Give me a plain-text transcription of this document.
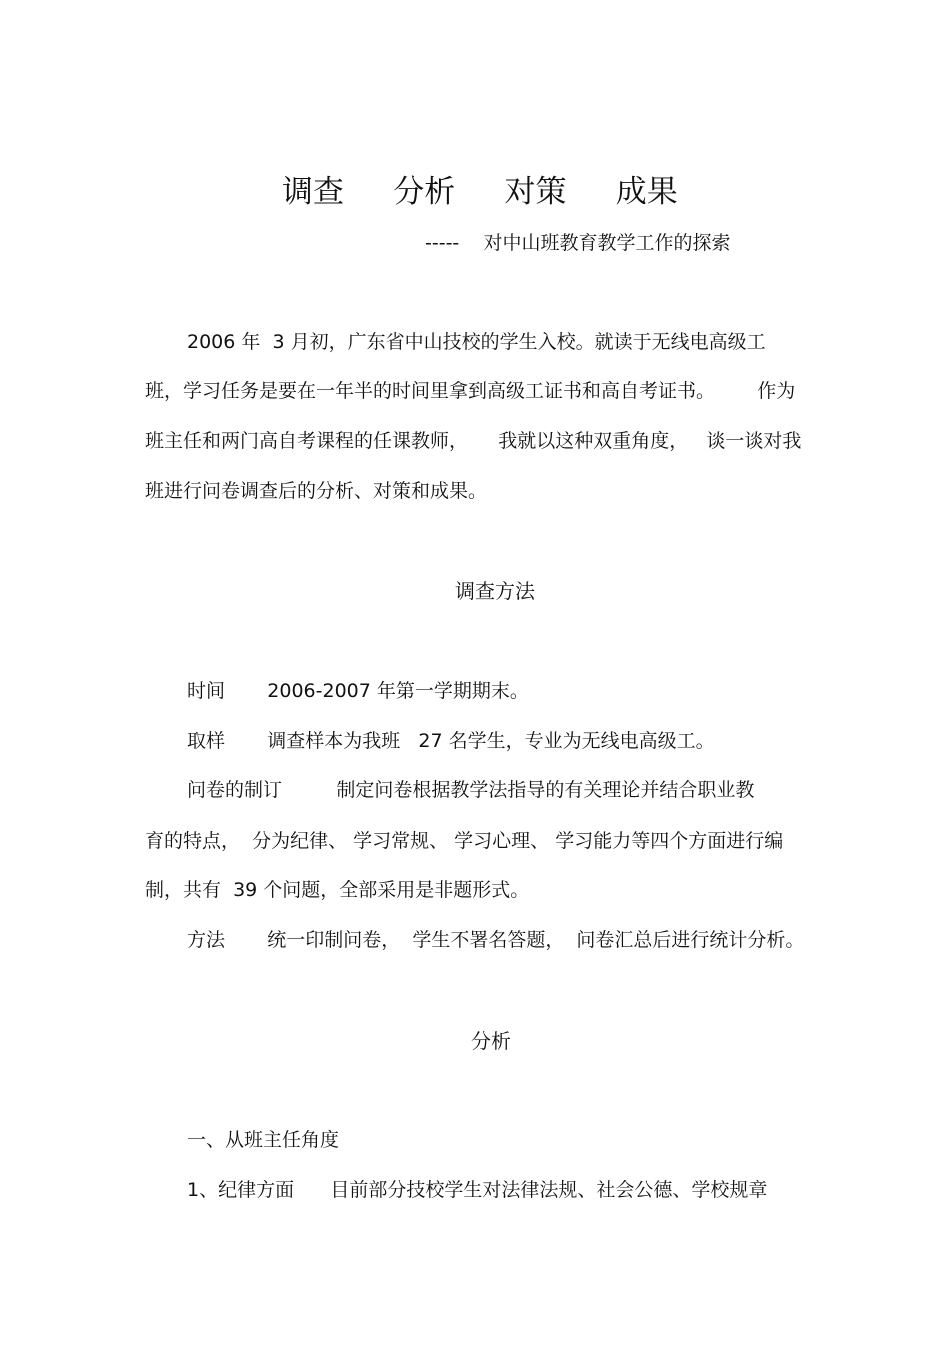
调查     分析     对策     成果
-----    对中山班教育教学工作的探索
2006 年  3 月初，广东省中山技校的学生入校。就读于无线电高级工
班，学习任务是要在一年半的时间里拿到高级工证书和高自考证书。       作为
班主任和两门高自考课程的任课教师，     我就以这种双重角度，   谈一谈对我
班进行问卷调查后的分析、对策和成果。
调查方法
时间       2006-2007 年第一学期期末。
取样       调查样本为我班   27 名学生，专业为无线电高级工。
问卷的制订         制定问卷根据教学法指导的有关理论并结合职业教
育的特点，  分为纪律、 学习常规、 学习心理、 学习能力等四个方面进行编
制，共有  39 个问题，全部采用是非题形式。
方法       统一印制问卷，  学生不署名答题，  问卷汇总后进行统计分析。
分析
一、从班主任角度
1、纪律方面      目前部分技校学生对法律法规、社会公德、学校规章
